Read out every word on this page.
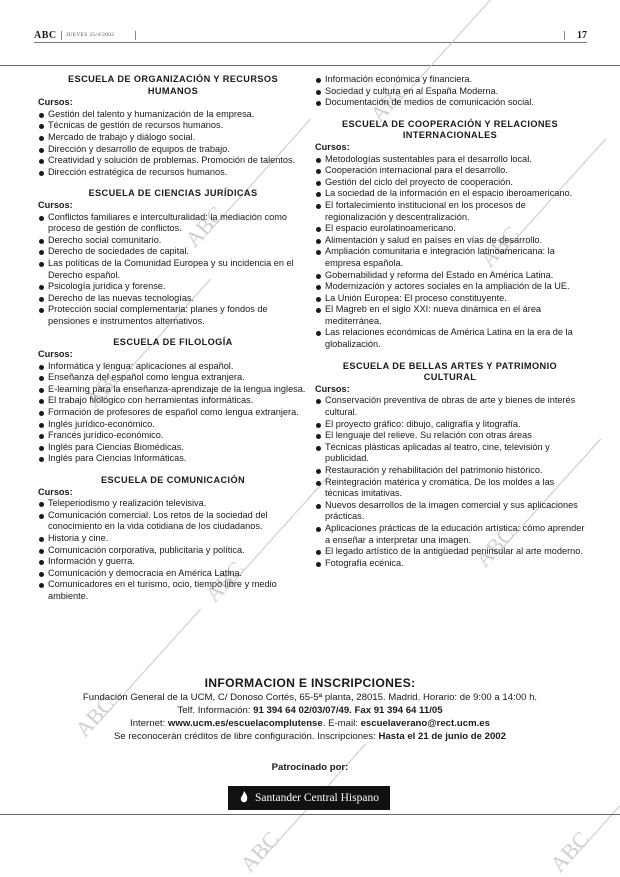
ABC JUEVES 25/4/2002	17
ABC
ABC	ABC
ABC
ABC
ABC
ABC
ABC	ABC
ESCUELA DE ORGANIZACIÓN Y RECURSOS HUMANOS
Cursos:
Gestión del talento y humanización de la empresa.
Técnicas de gestión de recursos humanos.
Mercado de trabajo y diálogo social.
Dirección y desarrollo de equipos de trabajo.
Creatividad y solución de problemas. Promoción de talentos.
Dirección estratégica de recursos humanos.
ESCUELA DE CIENCIAS JURÍDICAS
Cursos:
Conflictos familiares e interculturalidad: la mediación como proceso de gestión de conflictos.
Derecho social comunitario.
Derecho de sociedades de capital.
Las políticas de la Comunidad Europea y su incidencia en el Derecho español.
Psicología jurídica y forense.
Derecho de las nuevas tecnologías.
Protección social complementaria: planes y fondos de pensiones e instrumentos alternativos.
ESCUELA DE FILOLOGÍA
Cursos:
Informática y lengua: aplicaciones al español.
Enseñanza del español como lengua extranjera.
E-learning para la enseñanza-aprendizaje de la lengua inglesa.
El trabajo filológico con herramientas informáticas.
Formación de profesores de español como lengua extranjera.
Inglés jurídico-económico.
Francés jurídico-económico.
Inglés para Ciencias Biomédicas.
Inglés para Ciencias Informáticas.
ESCUELA DE COMUNICACIÓN
Cursos:
Teleperiodismo y realización televisiva.
Comunicación comercial. Los retos de la sociedad del conocimiento en la vida cotidiana de los ciudadanos.
Historia y cine.
Comunicación corporativa, publicitaria y política.
Información y guerra.
Comunicación y democracia en América Latina.
Comunicadores en el turismo, ocio, tiempo libre y medio ambiente.
Información económica y financiera.
Sociedad y cultura en al España Moderna.
Documentación de medios de comunicación social.
ESCUELA DE COOPERACIÓN Y RELACIONES INTERNACIONALES
Cursos:
Metodologías sustentables para el desarrollo local.
Cooperación internacional para el desarrollo.
Gestión del ciclo del proyecto de cooperación.
La sociedad de la información en el espacio iberoamericano.
El fortalecimiento institucional en los procesos de regionalización y descentralización.
El espacio eurolatinoamericano.
Alimentación y salud en países en vías de desarrollo.
Ampliación comunitaria e integración latinoamericana: la empresa española.
Gobernabilidad y reforma del Estado en América Latina.
Modernización y actores sociales en la ampliación de la UE.
La Unión Europea: El proceso constituyente.
El Magreb en el siglo XXI: nueva dinámica en el área mediterránea.
Las relaciones económicas de América Latina en la era de la globalización.
ESCUELA DE BELLAS ARTES Y PATRIMONIO CULTURAL
Cursos:
Conservación preventiva de obras de arte y bienes de interés cultural.
El proyecto gráfico: dibujo, caligrafía y litografía.
El lenguaje del relieve. Su relación con otras áreas
Técnicas plásticas aplicadas al teatro, cine, televisión y publicidad.
Restauración y rehabilitación del patrimonio histórico.
Reintegración matérica y cromática. De los moldes a las técnicas imitativas.
Nuevos desarrollos de la imagen comercial y sus aplicaciones prácticas.
Aplicaciones prácticas de la educación artística: cómo aprender a enseñar a interpretar una imagen.
El legado artístico de la antigüedad peninsular al arte moderno.
Fotografía ecénica.
INFORMACION E INSCRIPCIONES:
Fundación General de la UCM, C/ Donoso Cortés, 65-5ª planta, 28015. Madrid. Horario: de 9:00 a 14:00 h.
Telf. Información: 91 394 64 02/03/07/49. Fax 91 394 64 11/05
Internet: www.ucm.es/escuelacomplutense. E-mail: escuelaverano@rect.ucm.es
Se reconocerán créditos de libre configuración. Inscripciones: Hasta el 21 de junio de 2002
Patrocinado por:
Santander Central Hispano
